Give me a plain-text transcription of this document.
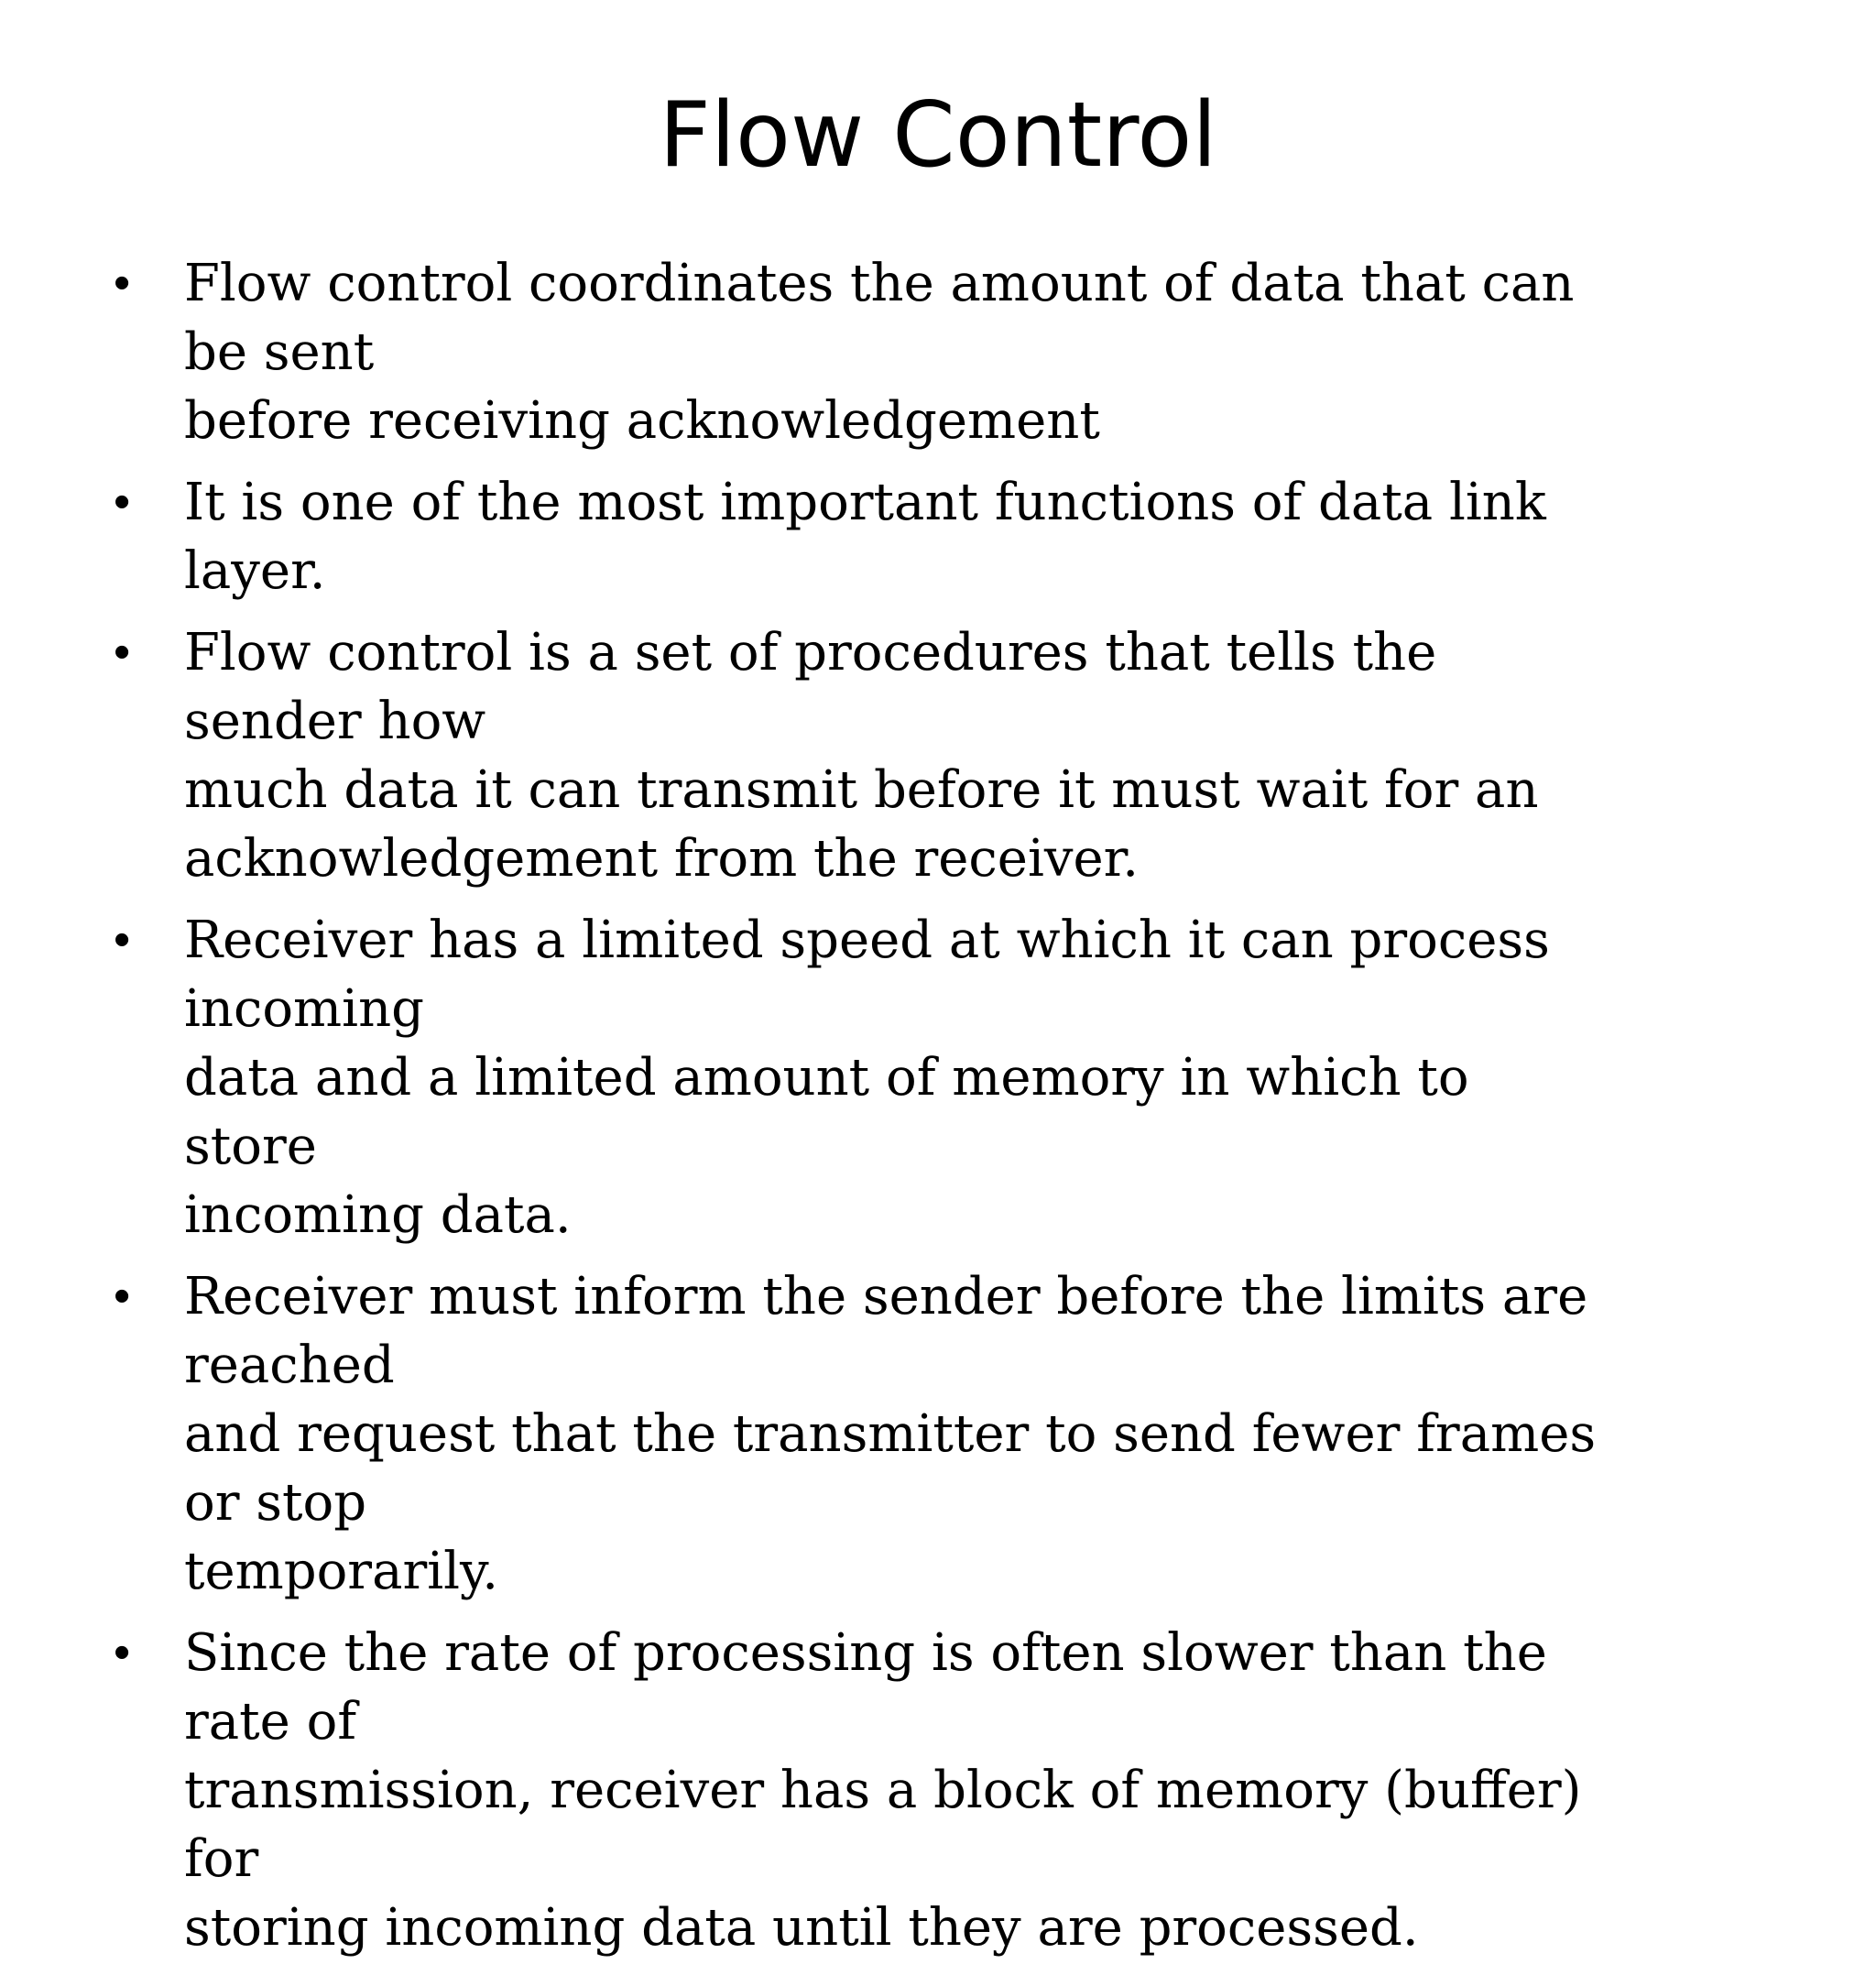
Flow Control
• Flow control coordinates the amount of data that can be sent
before receiving acknowledgement
• It is one of the most important functions of data link layer.
• Flow control is a set of procedures that tells the sender how
much data it can transmit before it must wait for an
acknowledgement from the receiver.
• Receiver has a limited speed at which it can process incoming
data and a limited amount of memory in which to store
incoming data.
• Receiver must inform the sender before the limits are reached
and request that the transmitter to send fewer frames or stop
temporarily.
• Since the rate of processing is often slower than the rate of
transmission, receiver has a block of memory (buffer) for
storing incoming data until they are processed.
